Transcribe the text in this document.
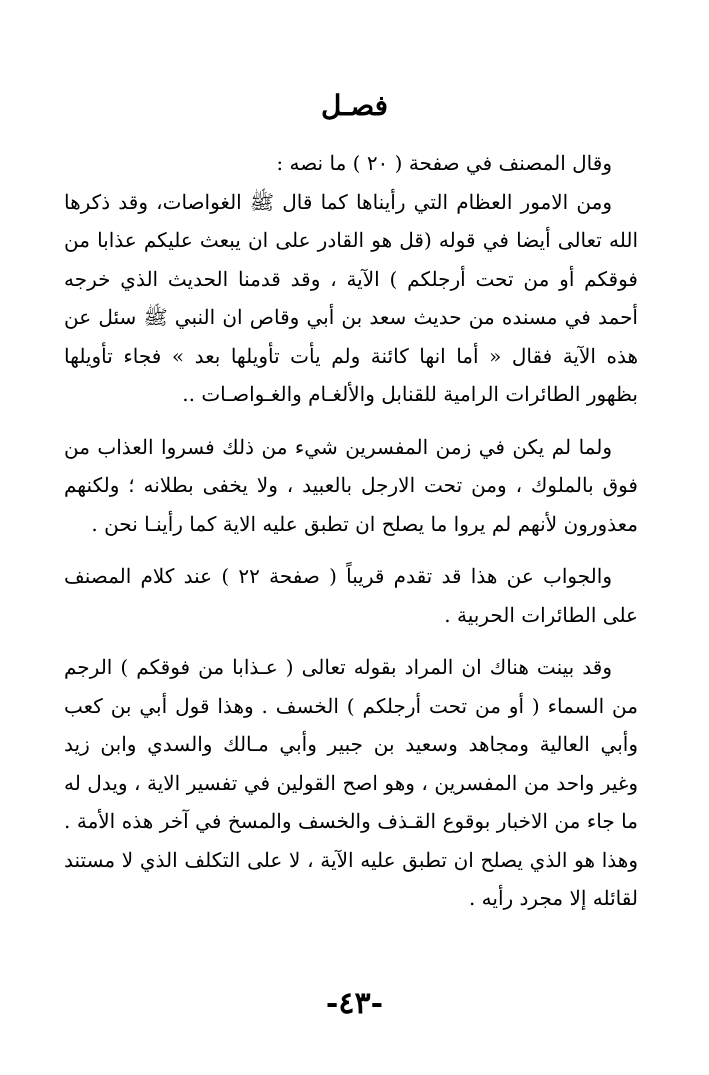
فصـل

وقال المصنف في صفحة ( ٢٠ ) ما نصه :

ومن الامور العظام التي رأيناها كما قال ﷺ الغواصات، وقد ذكرها الله تعالى أيضا في قوله (قل هو القادر على ان يبعث عليكم عذابا من فوقكم أو من تحت أرجلكم ) الآية ، وقد قدمنا الحديث الذي خرجه أحمد في مسنده من حديث سعد بن أبي وقاص ان النبي ﷺ سئل عن هذه الآية فقال « أما انها كائنة ولم يأت تأويلها بعد » فجاء تأويلها بظهور الطائرات الرامية للقنابل والألغـام والغـواصـات ..

ولما لم يكن في زمن المفسرين شيء من ذلك فسروا العذاب من فوق بالملوك ، ومن تحت الارجل بالعبيد ، ولا يخفى بطلانه ؛ ولكنهم معذورون لأنهم لم يروا ما يصلح ان تطبق عليه الاية كما رأينـا نحن .

والجواب عن هذا قد تقدم قريباً ( صفحة ٢٢ ) عند كلام المصنف على الطائرات الحربية .

وقد بينت هناك ان المراد بقوله تعالى ( عـذابا من فوقكم ) الرجم من السماء ( أو من تحت أرجلكم ) الخسف . وهذا قول أبي بن كعب وأبي العالية ومجاهد وسعيد بن جبير وأبي مـالك والسدي وابن زيد وغير واحد من المفسرين ، وهو اصح القولين في تفسير الاية ، ويدل له ما جاء من الاخبار بوقوع القـذف والخسف والمسخ في آخر هذه الأمة . وهذا هو الذي يصلح ان تطبق عليه الآية ، لا على التكلف الذي لا مستند لقائله إلا مجرد رأيه .

-٤٣-
